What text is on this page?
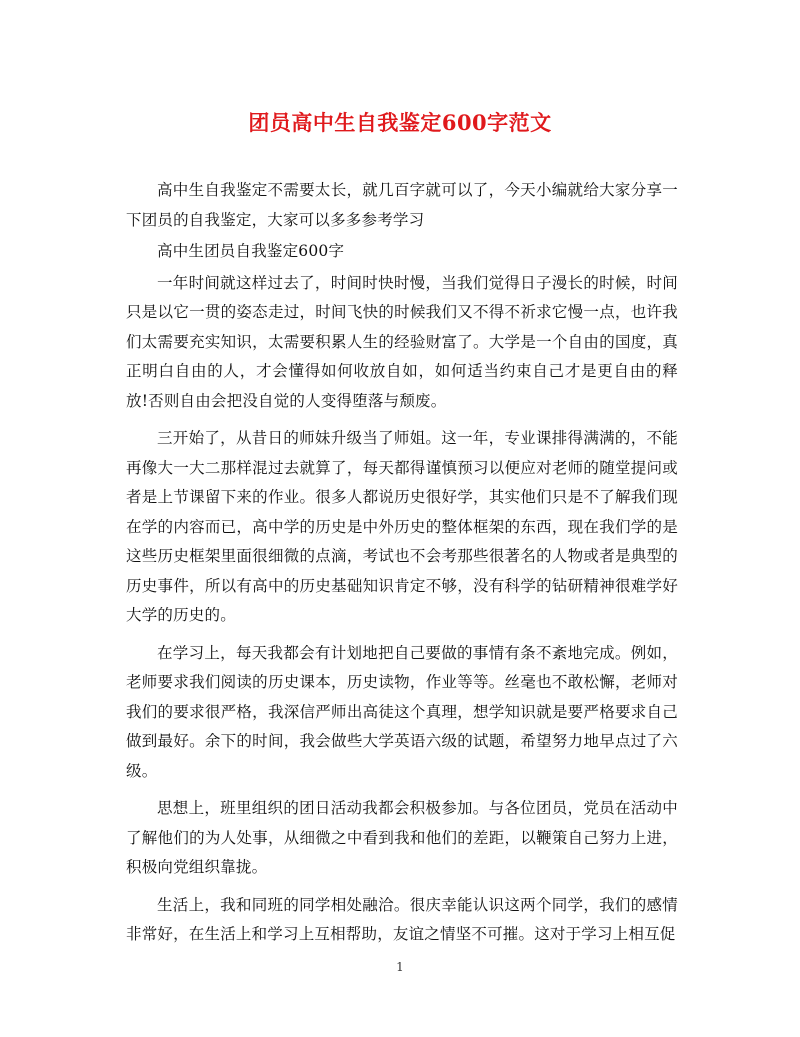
团员高中生自我鉴定600字范文

高中生自我鉴定不需要太长，就几百字就可以了，今天小编就给大家分享一下团员的自我鉴定，大家可以多多参考学习

高中生团员自我鉴定600字

一年时间就这样过去了，时间时快时慢，当我们觉得日子漫长的时候，时间只是以它一贯的姿态走过，时间飞快的时候我们又不得不祈求它慢一点，也许我们太需要充实知识，太需要积累人生的经验财富了。大学是一个自由的国度，真正明白自由的人，才会懂得如何收放自如，如何适当约束自己才是更自由的释放!否则自由会把没自觉的人变得堕落与颓废。

三开始了，从昔日的师妹升级当了师姐。这一年，专业课排得满满的，不能再像大一大二那样混过去就算了，每天都得谨慎预习以便应对老师的随堂提问或者是上节课留下来的作业。很多人都说历史很好学，其实他们只是不了解我们现在学的内容而已，高中学的历史是中外历史的整体框架的东西，现在我们学的是这些历史框架里面很细微的点滴，考试也不会考那些很著名的人物或者是典型的历史事件，所以有高中的历史基础知识肯定不够，没有科学的钻研精神很难学好大学的历史的。

在学习上，每天我都会有计划地把自己要做的事情有条不紊地完成。例如，老师要求我们阅读的历史课本，历史读物，作业等等。丝毫也不敢松懈，老师对我们的要求很严格，我深信严师出高徒这个真理，想学知识就是要严格要求自己做到最好。余下的时间，我会做些大学英语六级的试题，希望努力地早点过了六级。

思想上，班里组织的团日活动我都会积极参加。与各位团员，党员在活动中了解他们的为人处事，从细微之中看到我和他们的差距，以鞭策自己努力上进，积极向党组织靠拢。

生活上，我和同班的同学相处融洽。很庆幸能认识这两个同学，我们的感情非常好，在生活上和学习上互相帮助，友谊之情坚不可摧。这对于学习上相互促

1
